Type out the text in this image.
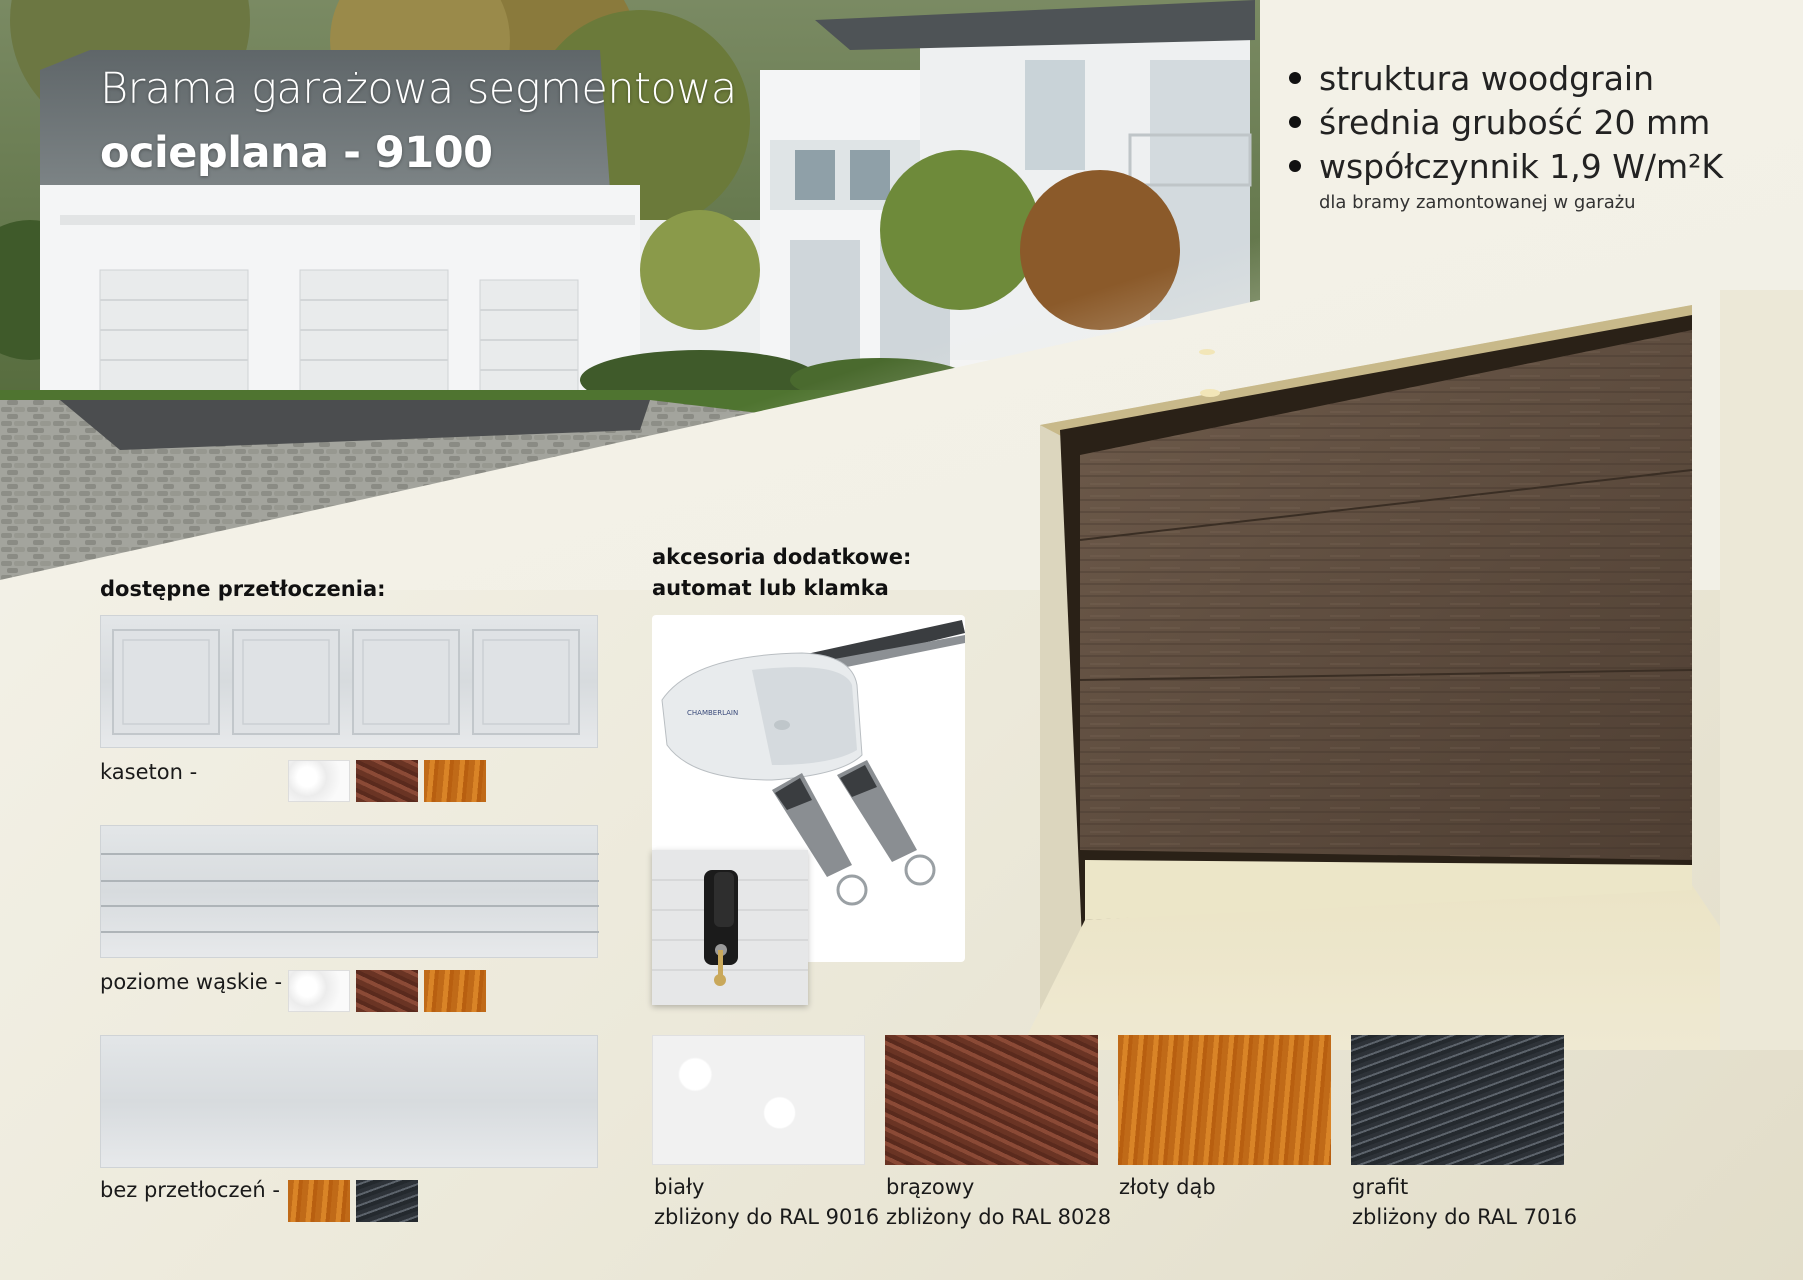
Brama garażowa segmentowa
ocieplana - 9100
struktura woodgrain
średnia grubość 20 mm
współczynnik 1,9 W/m²K
dla bramy zamontowanej w garażu
dostępne przetłoczenia:
kaseton -
poziome wąskie -
bez przetłoczeń -
akcesoria dodatkowe:
automat lub klamka
CHAMBERLAIN
biały
zbliżony do RAL 9016
brązowy
zbliżony do RAL 8028
złoty dąb	grafit
zbliżony do RAL 7016
